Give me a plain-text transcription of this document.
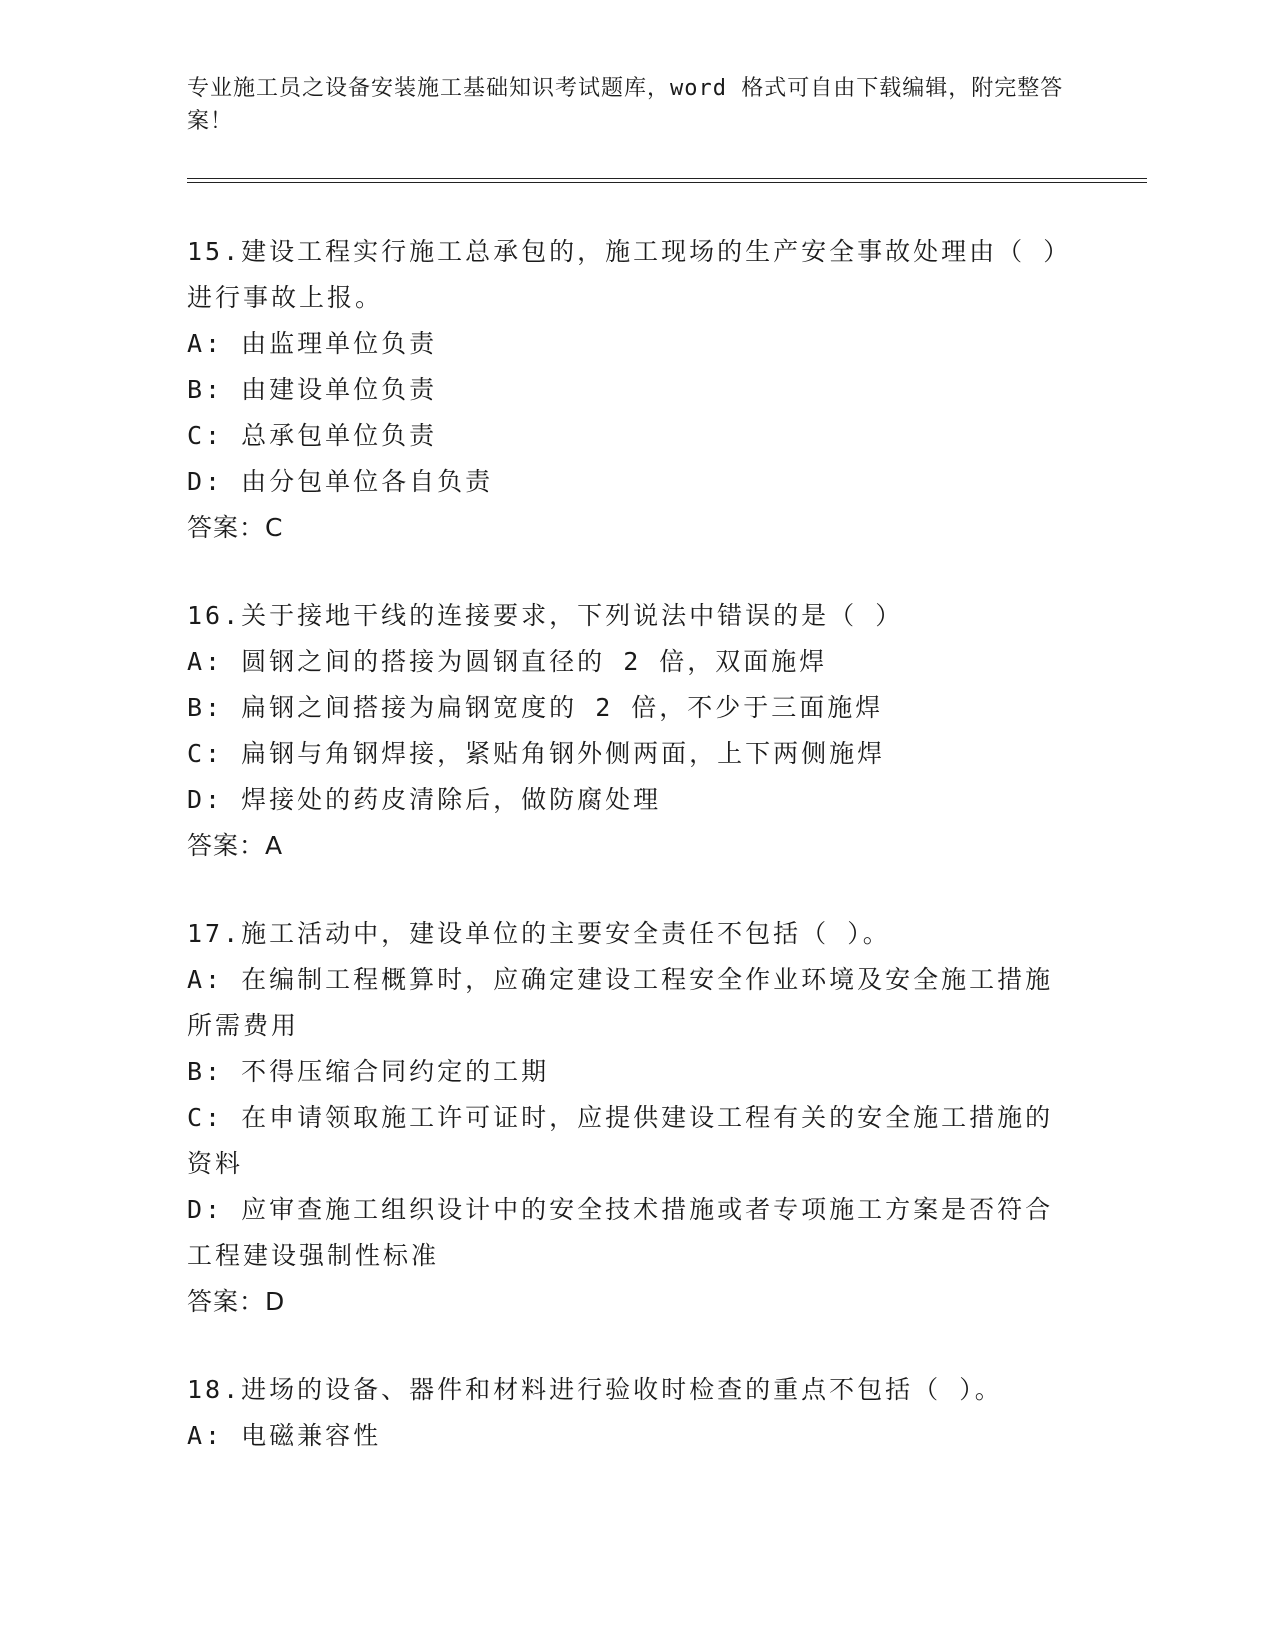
专业施工员之设备安装施工基础知识考试题库，word 格式可自由下载编辑，附完整答案！

15.建设工程实行施工总承包的，施工现场的生产安全事故处理由（ ）进行事故上报。

A: 由监理单位负责

B: 由建设单位负责

C: 总承包单位负责

D: 由分包单位各自负责

答案：C

16.关于接地干线的连接要求，下列说法中错误的是（ ）

A: 圆钢之间的搭接为圆钢直径的 2 倍，双面施焊

B: 扁钢之间搭接为扁钢宽度的 2 倍，不少于三面施焊

C: 扁钢与角钢焊接，紧贴角钢外侧两面，上下两侧施焊

D: 焊接处的药皮清除后，做防腐处理

答案：A

17.施工活动中，建设单位的主要安全责任不包括（ ）。

A: 在编制工程概算时，应确定建设工程安全作业环境及安全施工措施所需费用

B: 不得压缩合同约定的工期

C: 在申请领取施工许可证时，应提供建设工程有关的安全施工措施的资料

D: 应审查施工组织设计中的安全技术措施或者专项施工方案是否符合工程建设强制性标准

答案：D

18.进场的设备、器件和材料进行验收时检查的重点不包括（ ）。

A: 电磁兼容性
